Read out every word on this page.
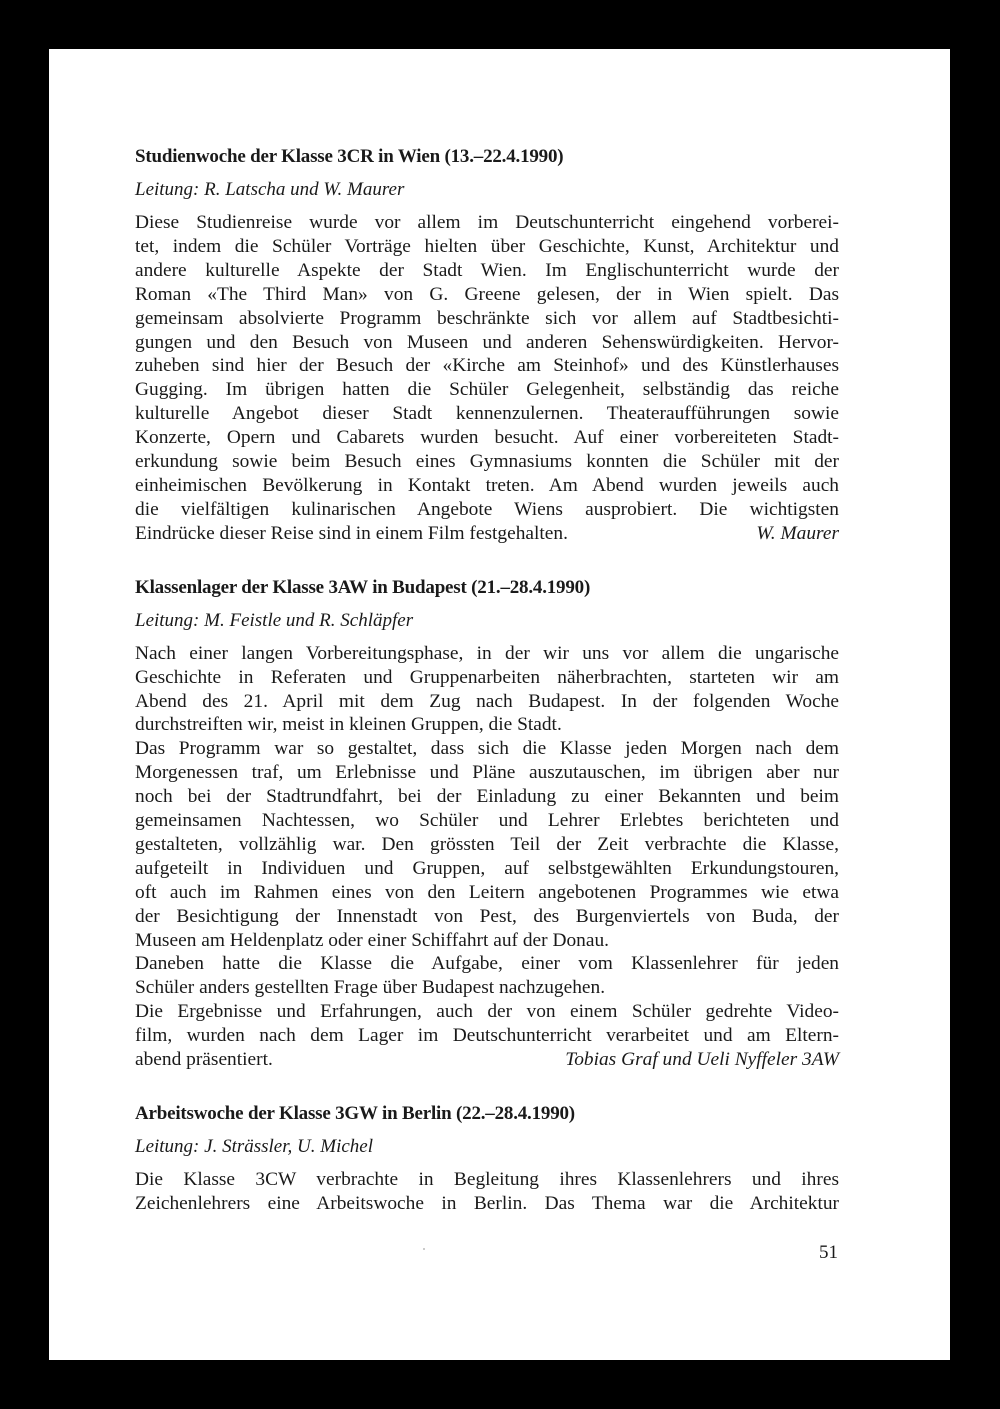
Studienwoche der Klasse 3CR in Wien (13.–22.4.1990)

Leitung: R. Latscha und W. Maurer

Diese Studienreise wurde vor allem im Deutschunterricht eingehend vorberei-
tet, indem die Schüler Vorträge hielten über Geschichte, Kunst, Architektur und
andere kulturelle Aspekte der Stadt Wien. Im Englischunterricht wurde der
Roman «The Third Man» von G. Greene gelesen, der in Wien spielt. Das
gemeinsam absolvierte Programm beschränkte sich vor allem auf Stadtbesichti-
gungen und den Besuch von Museen und anderen Sehenswürdigkeiten. Hervor-
zuheben sind hier der Besuch der «Kirche am Steinhof» und des Künstlerhauses
Gugging. Im übrigen hatten die Schüler Gelegenheit, selbständig das reiche
kulturelle Angebot dieser Stadt kennenzulernen. Theateraufführungen sowie
Konzerte, Opern und Cabarets wurden besucht. Auf einer vorbereiteten Stadt-
erkundung sowie beim Besuch eines Gymnasiums konnten die Schüler mit der
einheimischen Bevölkerung in Kontakt treten. Am Abend wurden jeweils auch
die vielfältigen kulinarischen Angebote Wiens ausprobiert. Die wichtigsten
Eindrücke dieser Reise sind in einem Film festgehalten.	W. Maurer
Klassenlager der Klasse 3AW in Budapest (21.–28.4.1990)

Leitung: M. Feistle und R. Schläpfer

Nach einer langen Vorbereitungsphase, in der wir uns vor allem die ungarische
Geschichte in Referaten und Gruppenarbeiten näherbrachten, starteten wir am
Abend des 21. April mit dem Zug nach Budapest. In der folgenden Woche
durchstreiften wir, meist in kleinen Gruppen, die Stadt.
Das Programm war so gestaltet, dass sich die Klasse jeden Morgen nach dem
Morgenessen traf, um Erlebnisse und Pläne auszutauschen, im übrigen aber nur
noch bei der Stadtrundfahrt, bei der Einladung zu einer Bekannten und beim
gemeinsamen Nachtessen, wo Schüler und Lehrer Erlebtes berichteten und
gestalteten, vollzählig war. Den grössten Teil der Zeit verbrachte die Klasse,
aufgeteilt in Individuen und Gruppen, auf selbstgewählten Erkundungstouren,
oft auch im Rahmen eines von den Leitern angebotenen Programmes wie etwa
der Besichtigung der Innenstadt von Pest, des Burgenviertels von Buda, der
Museen am Heldenplatz oder einer Schiffahrt auf der Donau.
Daneben hatte die Klasse die Aufgabe, einer vom Klassenlehrer für jeden
Schüler anders gestellten Frage über Budapest nachzugehen.
Die Ergebnisse und Erfahrungen, auch der von einem Schüler gedrehte Video-
film, wurden nach dem Lager im Deutschunterricht verarbeitet und am Eltern-
abend präsentiert.	Tobias Graf und Ueli Nyffeler 3AW
Arbeitswoche der Klasse 3GW in Berlin (22.–28.4.1990)

Leitung: J. Strässler, U. Michel

Die Klasse 3CW verbrachte in Begleitung ihres Klassenlehrers und ihres
Zeichenlehrers eine Arbeitswoche in Berlin. Das Thema war die Architektur
51
